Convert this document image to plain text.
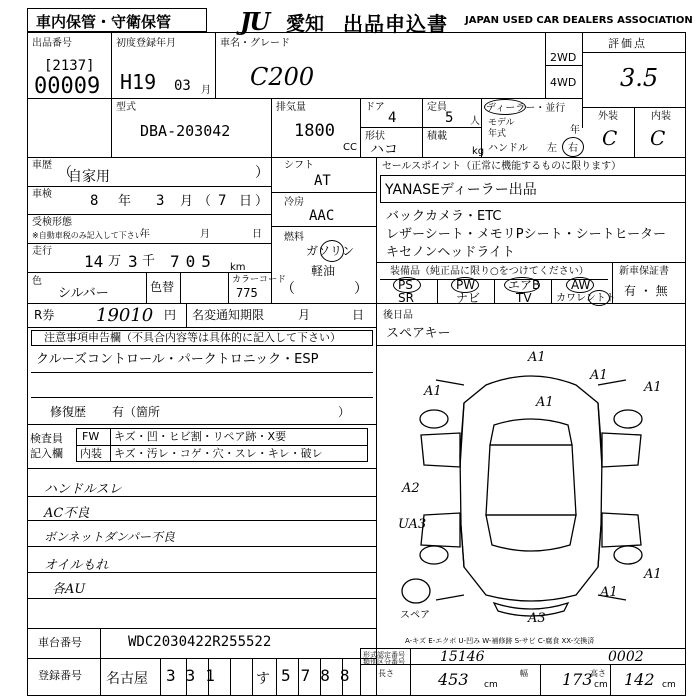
車内保管・守衛保管	JU 愛知 出品申込書 JAPAN USED CAR DEALERS ASSOCIATION
出品番号
[2137]
00009
初度登録年月
H19 03 月
車名・グレード
C200
2WD
4WD
評価点
3.5
型式
DBA-203042
排気量
1800
CC
ドア
4
定員
5 人
形状
ハコ
積載
kg
ディーラー・並行
モデル年式	年
ハンドル 左 右
外装	内装
C C
車歴 （
自家用	）
車検	8 年 3 月 （ 7 日 ）
受検形態
※自動車税のみ記入して下さい
年	月	日
走行
14 万 3 千 705 km
色
シルバー	色替	カラーコード
775
シフト
AT
冷房
AAC
燃料
ガソリン
軽油
（	）
セールスポイント（正常に機能するものに限ります）
YANASEディーラー出品
バックカメラ・ETC
レザーシート・メモリPシート・シートヒーター
キセノンヘッドライト
装備品（純正品に限り○をつけてください）
PS	PW	エアB	AW
SR	ナビ	TV カワレントト
新車保証書
有 ・ 無
R券 19010 円 名変通知期限	月	日 後日品
スペアキー
注意事項申告欄（不具合内容等は具体的に記入して下さい）
クルーズコントロール・パークトロニック・ESP
修復歴 有（箇所	）
検査員
記入欄
FW
内装
キズ・凹・ヒビ割・リペア跡・X要
キズ・汚レ・コゲ・穴・スレ・キレ・破レ
ハンドルスレ
AC不良
ボンネットダンパー不良
オイルもれ
各AU
A1
A1
A1	A1
A1
A2
UA3
A1
A1
A3
スペア
A-キズ E-エクボ U-凹み W-補修跡 S-サビ C-腐食 XX-交換済
車台番号	WDC2030422R255522
登録番号 名古屋 331 す 5788
形式認定番号
類別区分番号	15146	0002
長さ	幅	高さ
453 cm	173 cm 142 cm
